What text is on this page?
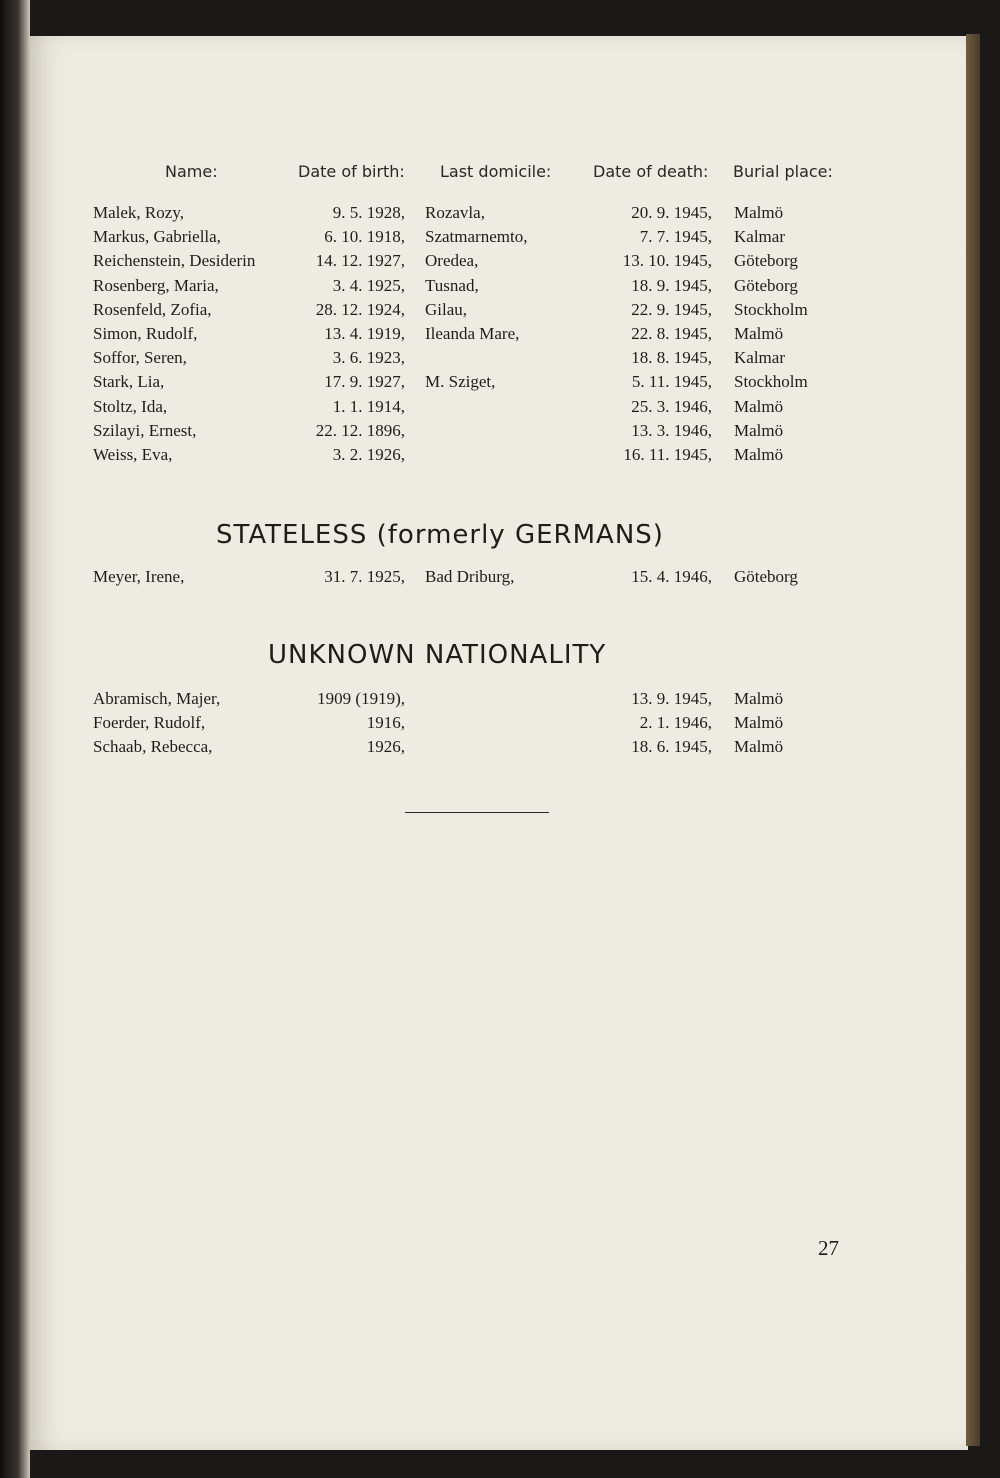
Name:	Date of birth: Last domicile:	Date of death: Burial place:
Malek, Rozy,	9. 5. 1928, Rozavla,	20. 9. 1945, Malmö
Markus, Gabriella,	6. 10. 1918, Szatmarnemto,	7. 7. 1945, Kalmar
Reichenstein, Desiderin	14. 12. 1927, Oredea,	13. 10. 1945, Göteborg
Rosenberg, Maria,	3. 4. 1925, Tusnad,	18. 9. 1945, Göteborg
Rosenfeld, Zofia,	28. 12. 1924, Gilau,	22. 9. 1945, Stockholm
Simon, Rudolf,	13. 4. 1919, Ileanda Mare,	22. 8. 1945, Malmö
Soffor, Seren,	3. 6. 1923,	18. 8. 1945, Kalmar
Stark, Lia,	17. 9. 1927, M. Sziget,	5. 11. 1945, Stockholm
Stoltz, Ida,	1. 1. 1914,	25. 3. 1946, Malmö
Szilayi, Ernest,	22. 12. 1896,	13. 3. 1946, Malmö
Weiss, Eva,	3. 2. 1926,	16. 11. 1945, Malmö
STATELESS (formerly GERMANS)
Meyer, Irene,	31. 7. 1925, Bad Driburg,	15. 4. 1946, Göteborg
UNKNOWN NATIONALITY
Abramisch, Majer,	1909 (1919),	13. 9. 1945, Malmö
Foerder, Rudolf,	1916,	2. 1. 1946, Malmö
Schaab, Rebecca,	1926,	18. 6. 1945, Malmö
27
